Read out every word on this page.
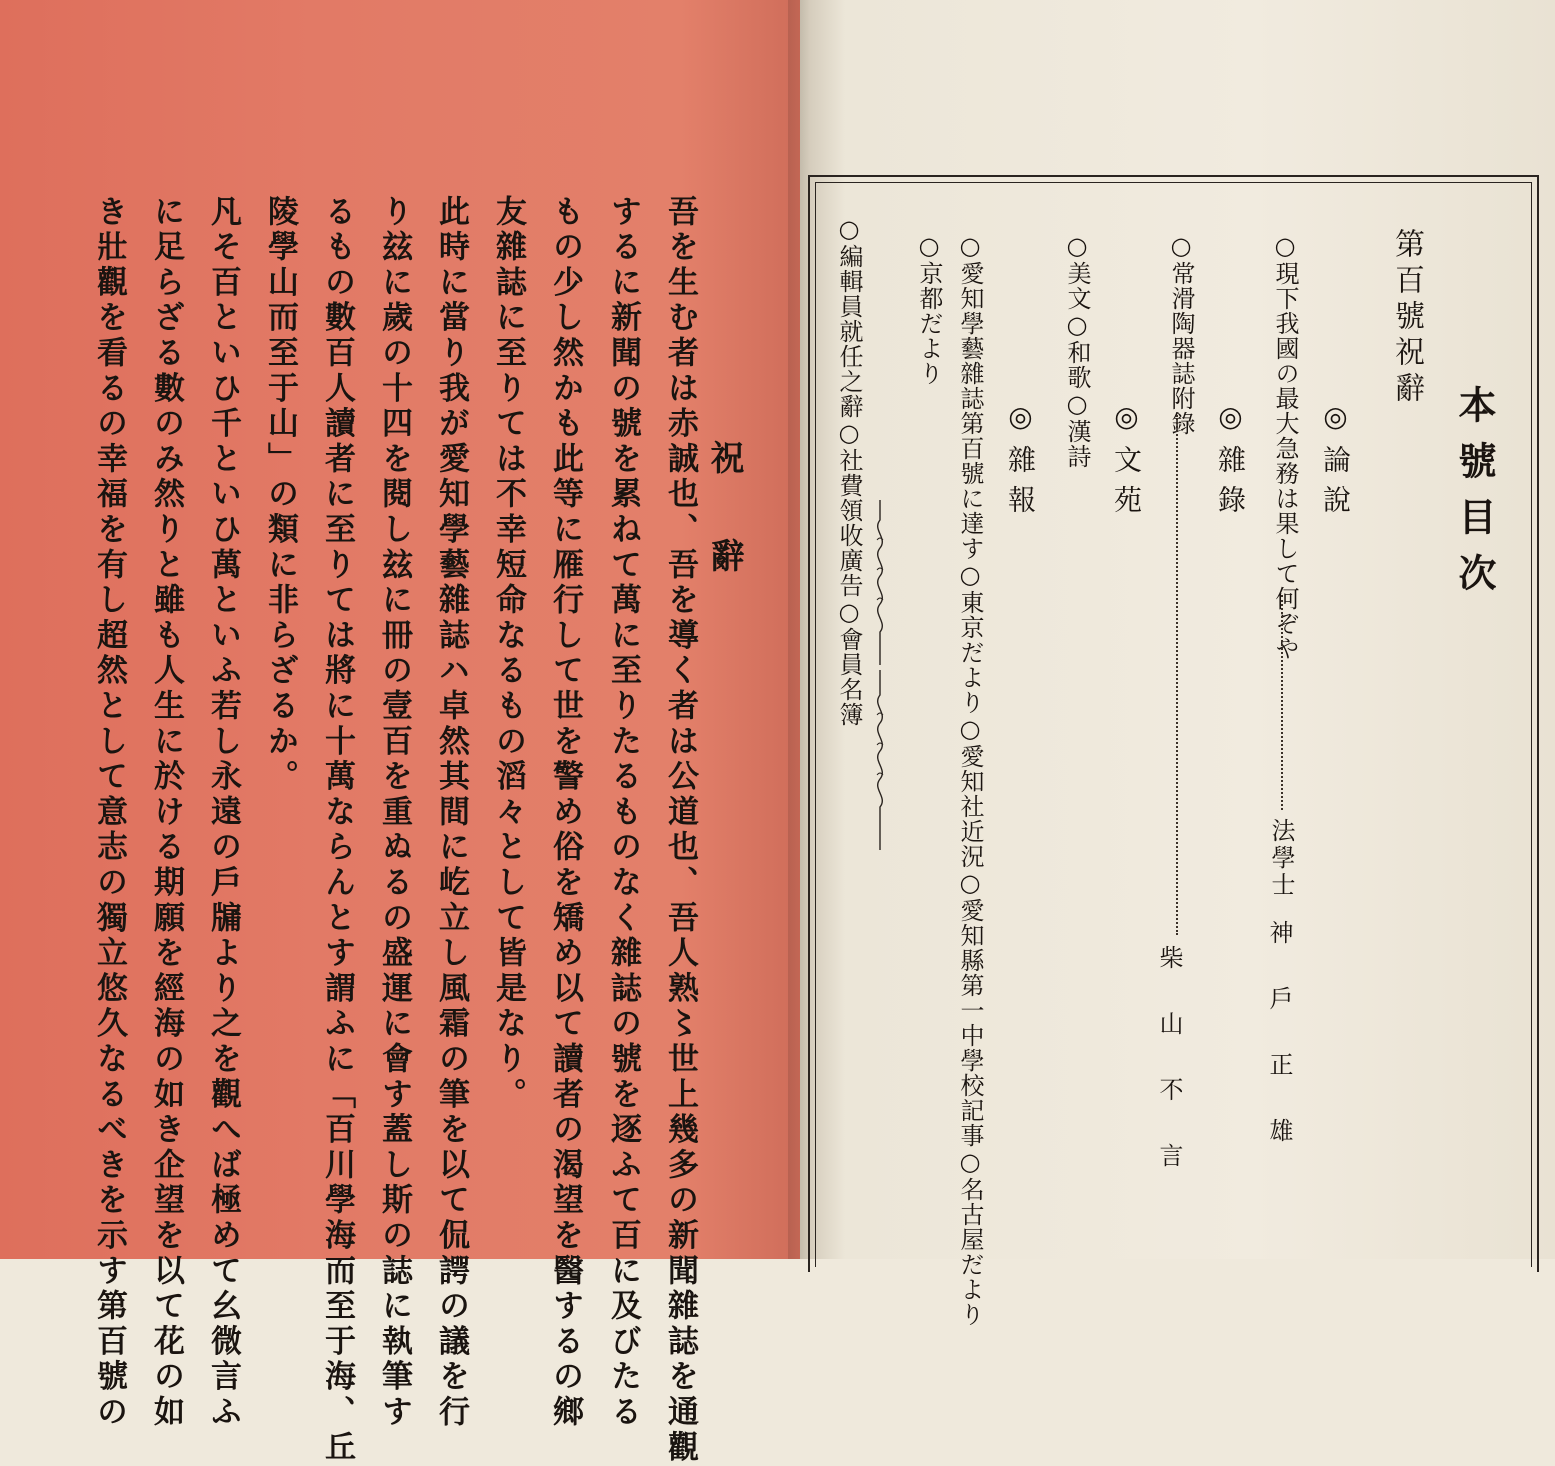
祝辭
吾を生む者は赤誠也、吾を導く者は公道也、吾人熟〻世上幾多の新聞雜誌を通觀
するに新聞の號を累ねて萬に至りたるものなく雜誌の號を逐ふて百に及びたる
もの少し然かも此等に雁行して世を警め俗を矯め以て讀者の渴望を醫するの鄉
友雜誌に至りては不幸短命なるもの滔々として皆是なり。
此時に當り我が愛知學藝雜誌ハ卓然其間に屹立し風霜の筆を以て侃諤の議を行
り玆に歲の十四を閱し玆に冊の壹百を重ぬるの盛運に會す蓋し斯の誌に執筆す
るもの數百人讀者に至りては將に十萬ならんとす謂ふに「百川學海而至于海、丘
陵學山而至于山」の類に非らざるか。
凡そ百といひ千といひ萬といふ若し永遠の戶牖より之を觀へば極めて幺微言ふ
に足らざる數のみ然りと雖も人生に於ける期願を經海の如き企望を以て花の如
き壯觀を看るの幸福を有し超然として意志の獨立悠久なるべきを示す第百號の	本號目次
第百號祝辭
◎論說
○現下我國の最大急務は果して何ぞや
法學士
神戶正雄
◎雜錄
○常滑陶器誌附錄
柴山不言
◎文苑
○美文○和歌○漢詩
◎雜報
○愛知學藝雜誌第百號に達す○東京だより○愛知社近況○愛知縣第一中學校記事○名古屋だより
○京都だより
○編輯員就任之辭○社費領收廣告○會員名簿
